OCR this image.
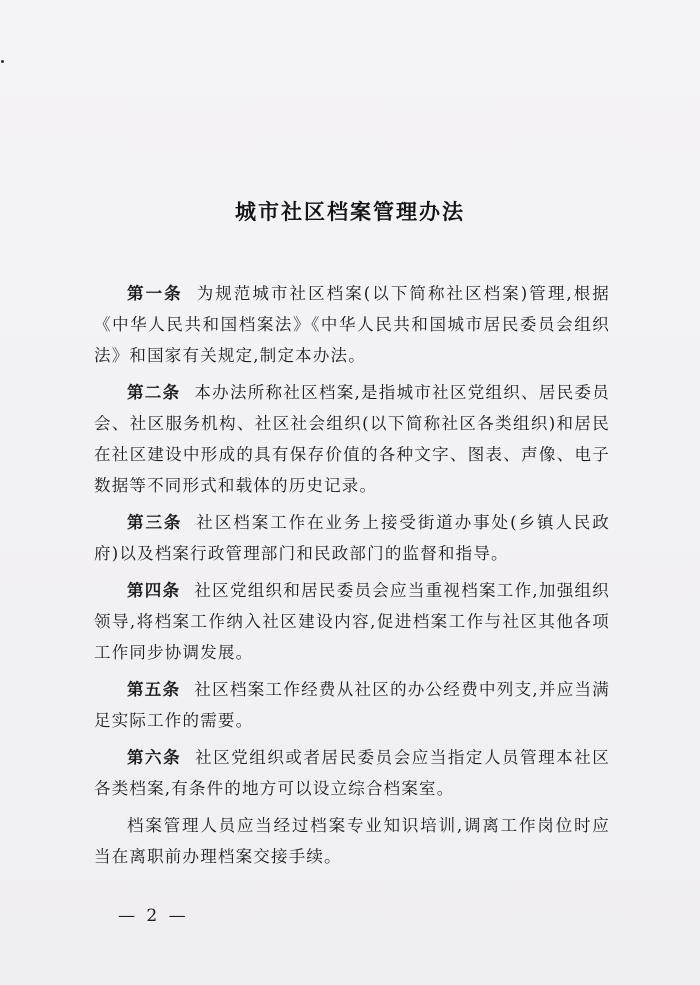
城市社区档案管理办法

第一条 为规范城市社区档案(以下简称社区档案)管理,根据《中华人民共和国档案法》《中华人民共和国城市居民委员会组织法》和国家有关规定,制定本办法。

第二条 本办法所称社区档案,是指城市社区党组织、居民委员会、社区服务机构、社区社会组织(以下简称社区各类组织)和居民在社区建设中形成的具有保存价值的各种文字、图表、声像、电子数据等不同形式和载体的历史记录。

第三条 社区档案工作在业务上接受街道办事处(乡镇人民政府)以及档案行政管理部门和民政部门的监督和指导。

第四条 社区党组织和居民委员会应当重视档案工作,加强组织领导,将档案工作纳入社区建设内容,促进档案工作与社区其他各项工作同步协调发展。

第五条 社区档案工作经费从社区的办公经费中列支,并应当满足实际工作的需要。

第六条 社区党组织或者居民委员会应当指定人员管理本社区各类档案,有条件的地方可以设立综合档案室。

档案管理人员应当经过档案专业知识培训,调离工作岗位时应当在离职前办理档案交接手续。

— 2 —
